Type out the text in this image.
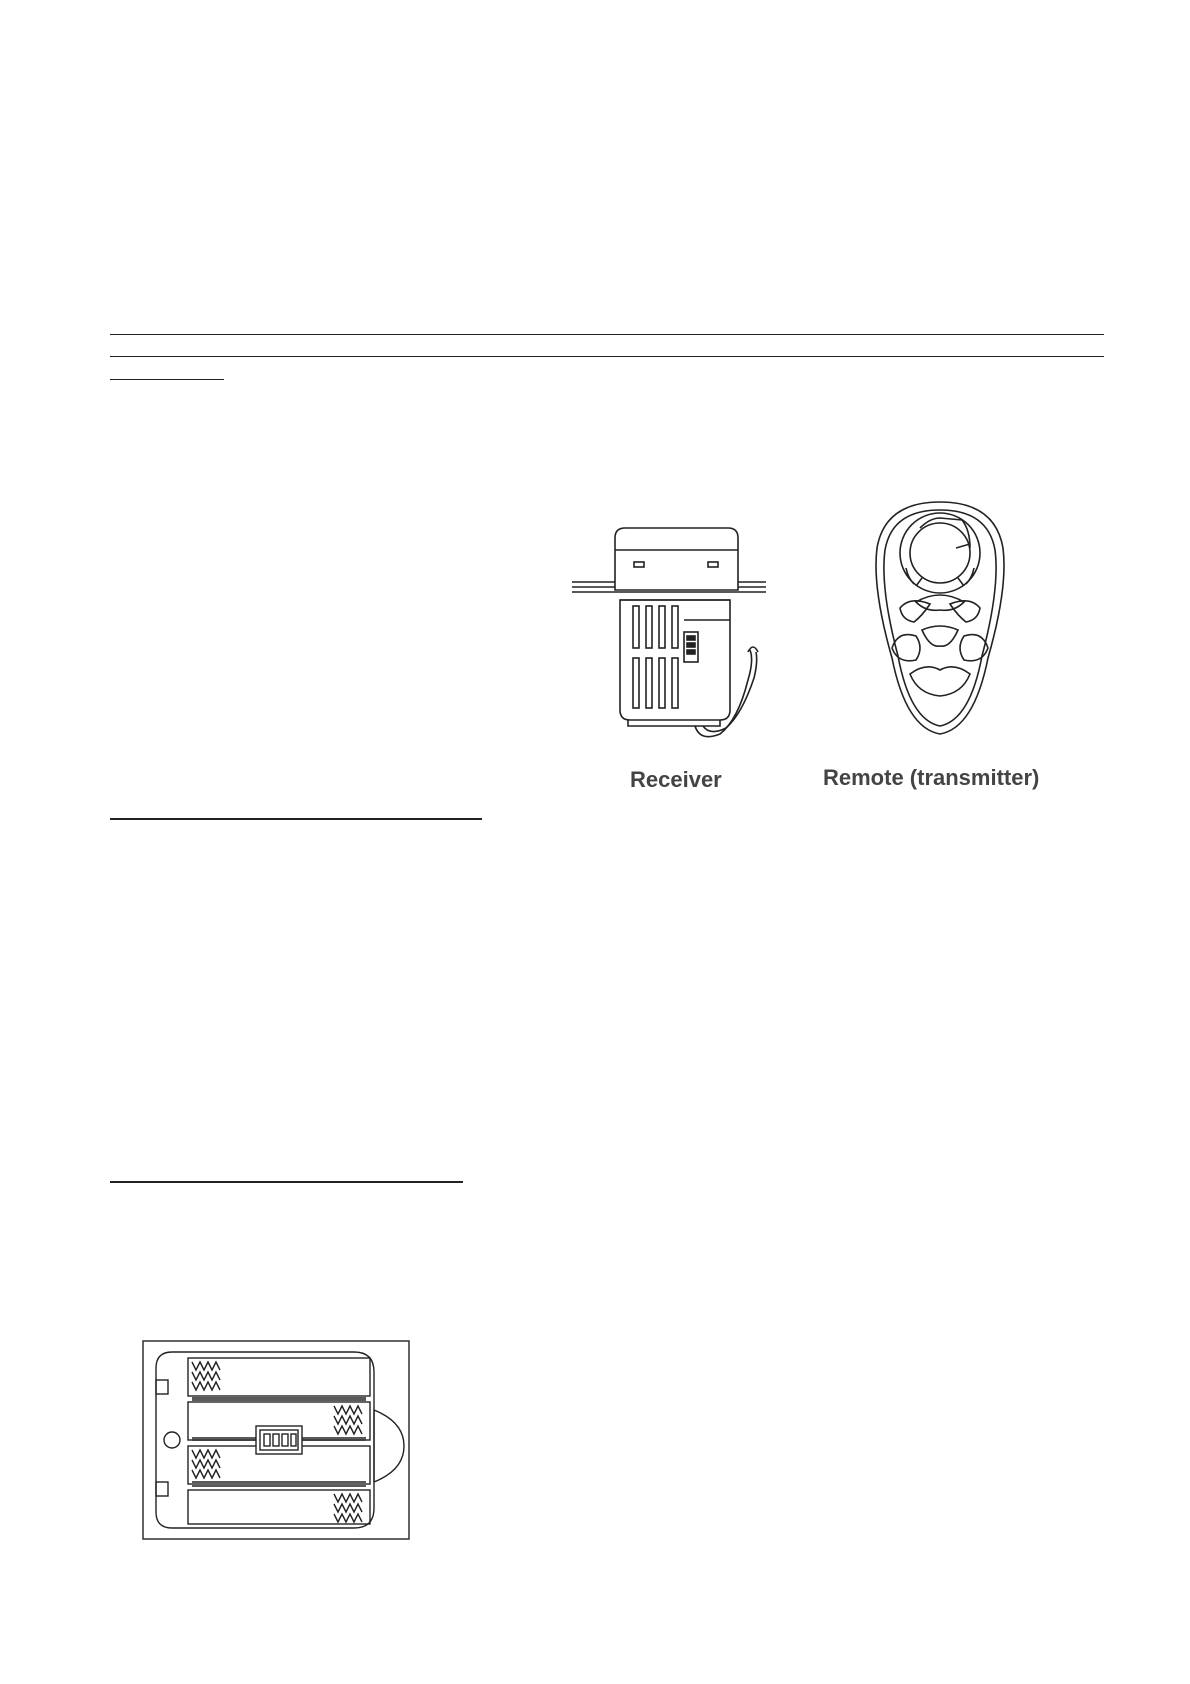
Receiver	Remote (transmitter)
